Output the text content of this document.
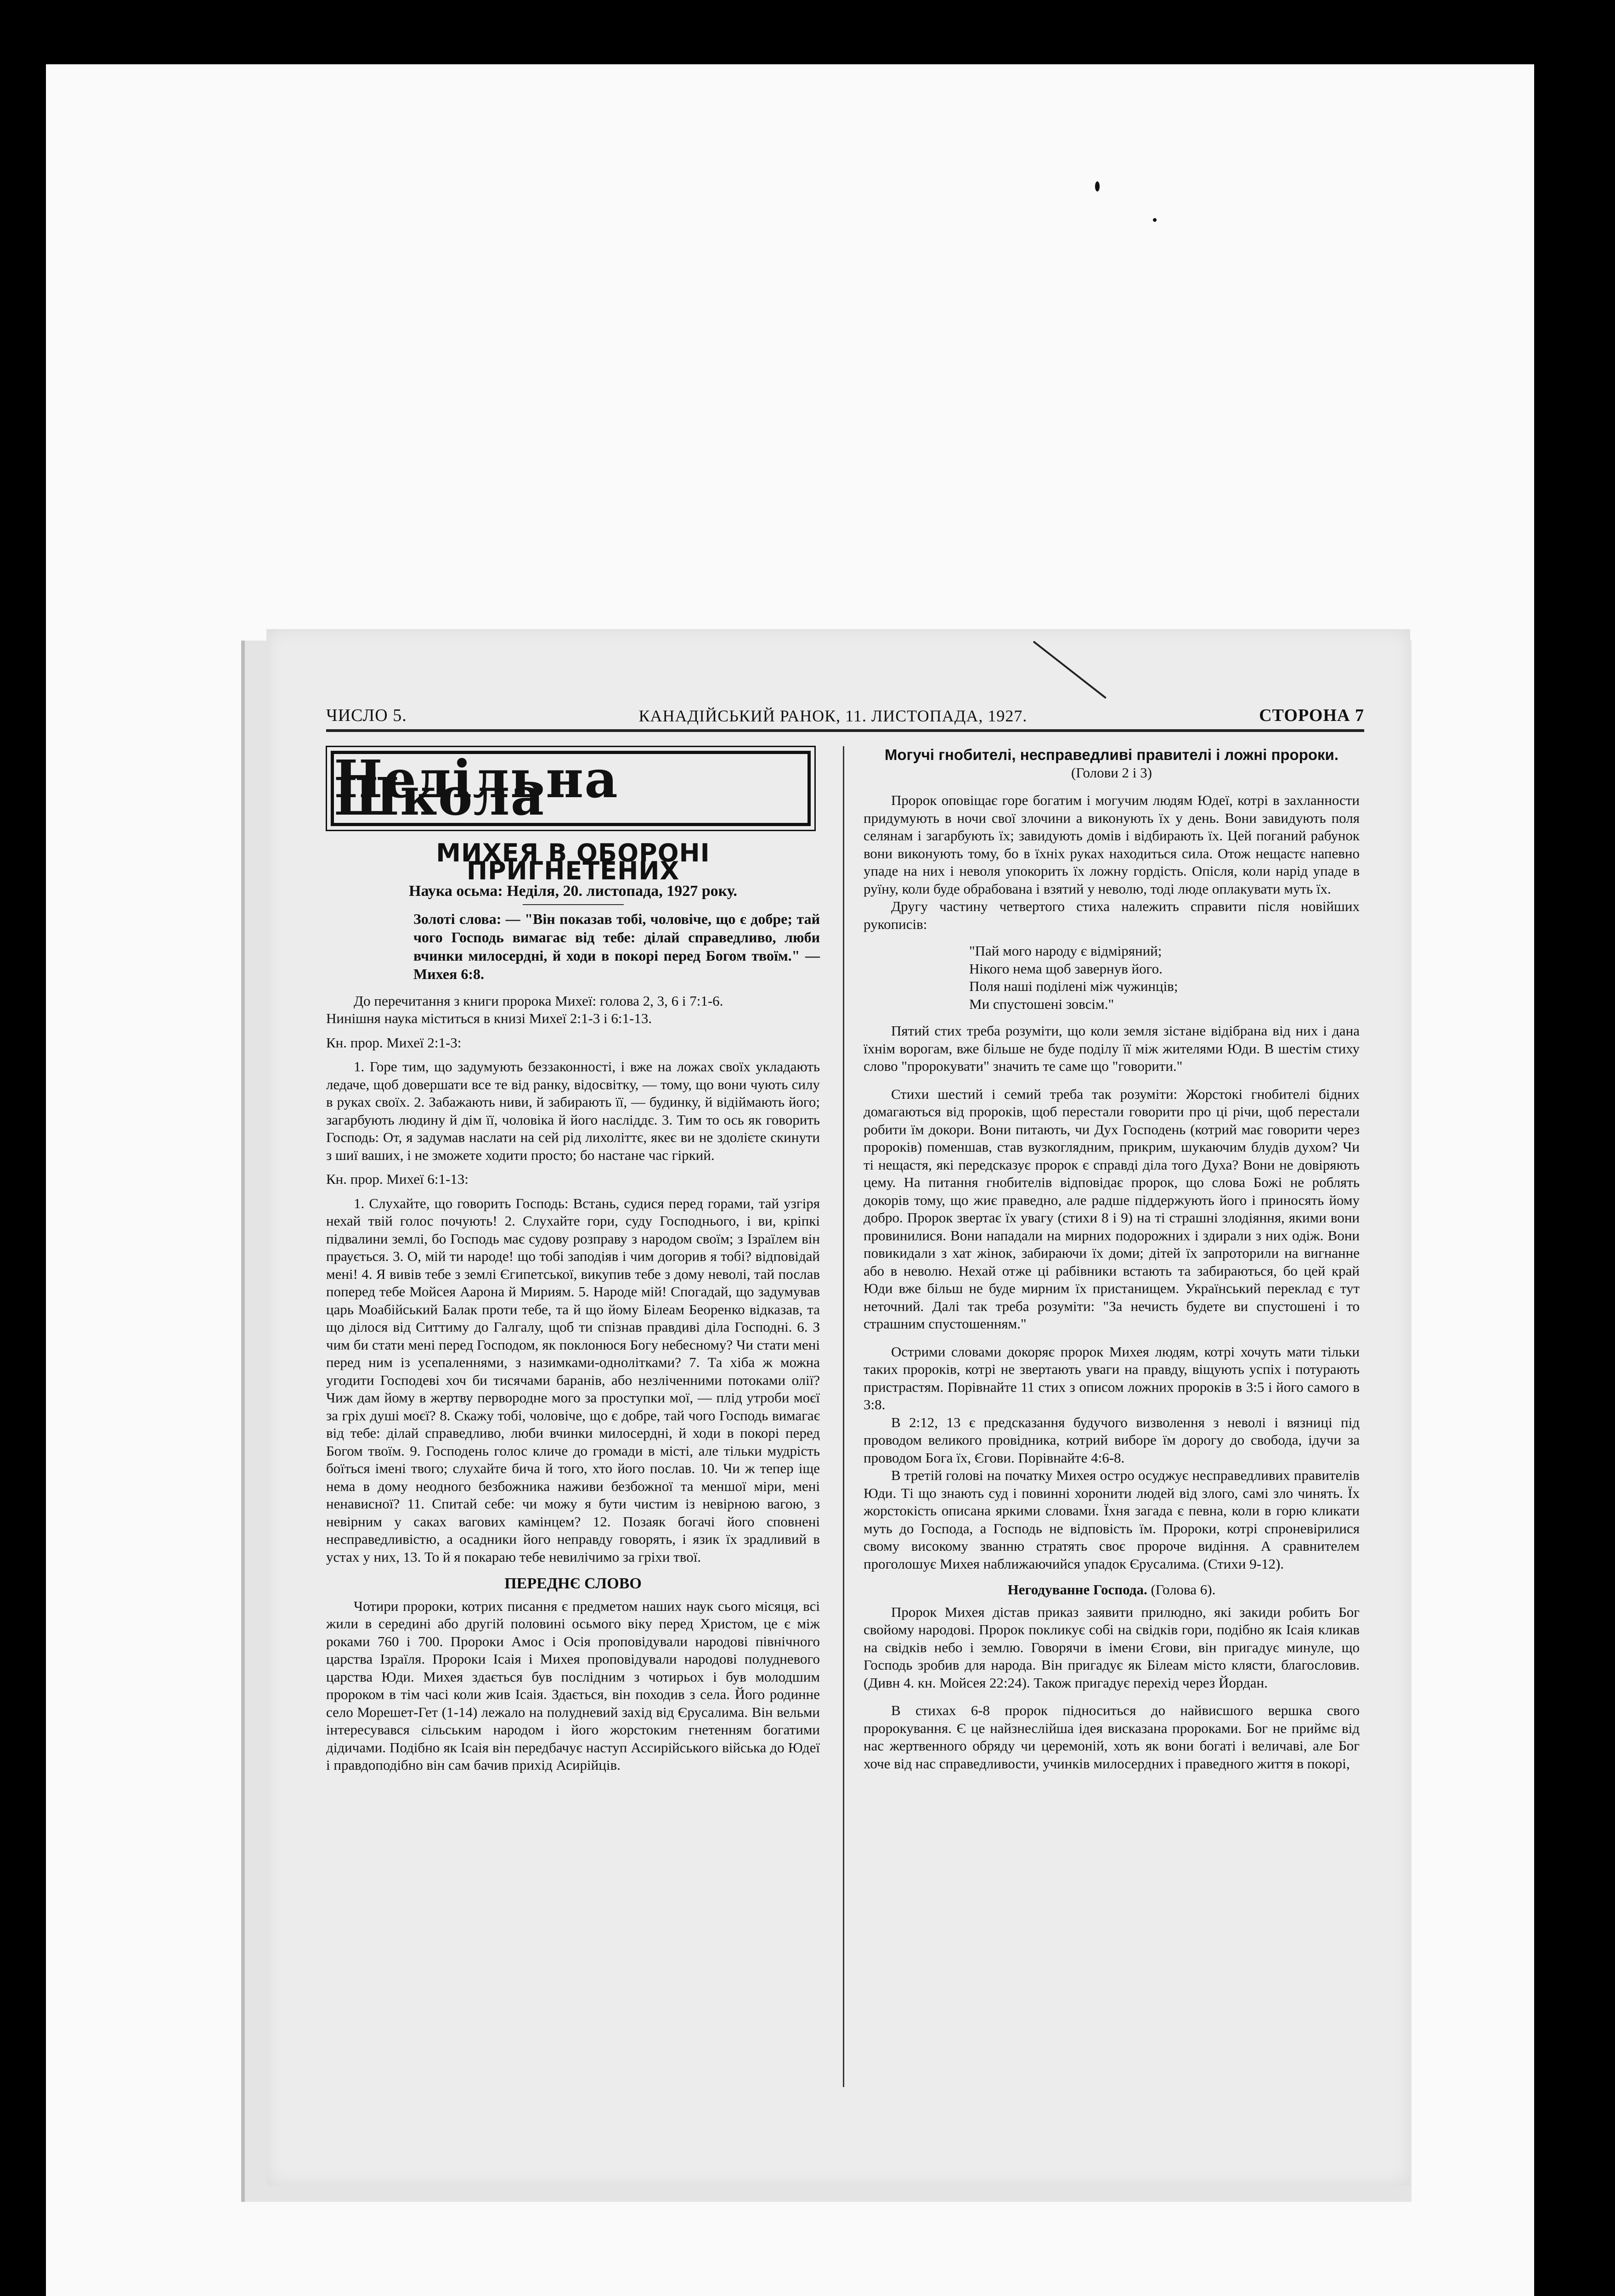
ЧИСЛО 5.	КАНАДІЙСЬКИЙ РАНОК, 11. ЛИСТОПАДА, 1927.	СТОРОНА 7
Недільна Школа
МИХЕЯ В ОБОРОНІ ПРИГНЕТЕНИХ
Наука осьма: Неділя, 20. листопада, 1927 року.
Золоті слова: — "Він показав тобі, чоловіче, що є добре; тай чого Господь вимагає від тебе: ділай справедливо, люби вчинки милосердні, й ходи в покорі перед Богом твоїм." — Михея 6:8.

До перечитання з книги пророка Михеї: голова 2, 3, 6 і 7:1-6.

Нинішня наука міститься в книзі Михеї 2:1-3 і 6:1-13.

Кн. прор. Михеї 2:1-3:

1. Горе тим, що задумують беззаконності, і вже на ложах своїх укладають ледаче, щоб довершати все те від ранку, відосвітку, — тому, що вони чують силу в руках своїх. 2. Забажають ниви, й забирають її, — будинку, й відіймають його; загарбують людину й дім її, чоловіка й його насліддє. 3. Тим то ось як говорить Господь: От, я задумав наслати на сей рід лихоліттє, якеє ви не здолієте скинути з шиї ваших, і не зможете ходити просто; бо настане час гіркий.

Кн. прор. Михеї 6:1-13:

1. Слухайте, що говорить Господь: Встань, судися перед горами, тай узгіря нехай твій голос почують! 2. Слухайте гори, суду Господнього, і ви, кріпкі підвалини землі, бо Господь має судову розправу з народом своїм; з Ізраїлем він праується. 3. О, мій ти народе! що тобі заподіяв і чим догорив я тобі? відповідай мені! 4. Я вивів тебе з землі Єгипетської, викупив тебе з дому неволі, тай послав поперед тебе Мойсея Аарона й Мириям. 5. Народе мій! Спогадай, що задумував царь Моабійський Балак проти тебе, та й що йому Білеам Беоренко відказав, та що ділося від Ситтиму до Галгалу, щоб ти спізнав правдиві діла Господні. 6. З чим би стати мені перед Господом, як поклонюся Богу небесному? Чи стати мені перед ним із усепаленнями, з назимками-однолітками? 7. Та хіба ж можна угодити Господеві хоч би тисячами баранів, або незліченними потоками олії? Чиж дам йому в жертву первородне мого за проступки мої, — плід утроби моєї за гріх душі моєї? 8. Скажу тобі, чоловіче, що є добре, тай чого Господь вимагає від тебе: ділай справедливо, люби вчинки милосердні, й ходи в покорі перед Богом твоїм. 9. Господень голос кличе до громади в місті, але тільки мудрість боїться імені твого; слухайте бича й того, хто його послав. 10. Чи ж тепер іще нема в дому неодного безбожника наживи безбожної та меншої міри, мені ненависної? 11. Спитай себе: чи можу я бути чистим із невірною вагою, з невірним у саках вагових камінцем? 12. Позаяк богачі його сповнені несправедливістю, а осадники його неправду говорять, і язик їх зрадливий в устах у них, 13. То й я покараю тебе невилічимо за гріхи твої.

ПЕРЕДНЄ СЛОВО

Чотири пророки, котрих писання є предметом наших наук сього місяця, всі жили в середині або другій половині осьмого віку перед Христом, це є між роками 760 і 700. Пророки Амос і Осія проповідували народові північного царства Ізраїля. Пророки Ісаія і Михея проповідували народові полудневого царства Юди. Михея здається був послідним з чотирьох і був молодшим пророком в тім часі коли жив Ісаія. Здається, він походив з села. Його родинне село Морешет-Гет (1-14) лежало на полудневий захід від Єрусалима. Він вельми інтересувався сільським народом і його жорстоким гнетенням богатими дідичами. Подібно як Ісаія він передбачує наступ Ассирійського війська до Юдеї і правдоподібно він сам бачив прихід Асирійців.

Могучі гнобителі, несправедливі правителі і ложні пророки.
(Голови 2 і 3)

Пророк оповіщає горе богатим і могучим людям Юдеї, котрі в захланности придумують в ночи свої злочини а виконують їх у день. Вони завидують поля селянам і загарбують їх; завидують домів і відбирають їх. Цей поганий рабунок вони виконують тому, бо в їхніх руках находиться сила. Отож нещастє напевно упаде на них і неволя упокорить їх ложну гордість. Опісля, коли нарід упаде в руїну, коли буде обрабована і взятий у неволю, тоді люде оплакувати муть їх.

Другу частину четвертого стиха належить справити після новійших рукописів:

"Пай мого народу є відміряний;
Нікого нема щоб завернув його.
Поля наші поділені між чужинців;
Ми спустошені зовсім."

Пятий стих треба розуміти, що коли земля зістане відібрана від них і дана їхнім ворогам, вже більше не буде поділу її між жителями Юди. В шестім стиху слово "пророкувати" значить те саме що "говорити."

Стихи шестий і семий треба так розуміти: Жорстокі гнобителі бідних домагаються від пророків, щоб перестали говорити про ці річи, щоб перестали робити їм докори. Вони питають, чи Дух Господень (котрий має говорити через пророків) поменшав, став вузкоглядним, прикрим, шукаючим блудів духом? Чи ті нещастя, які передсказує пророк є справді діла того Духа? Вони не довіряють цему. На питання гнобителів відповідає пророк, що слова Божі не роблять докорів тому, що жиє праведно, але радше піддержують його і приносять йому добро. Пророк звертає їх увагу (стихи 8 і 9) на ті страшні злодіяння, якими вони провинилися. Вони нападали на мирних подорожних і здирали з них одіж. Вони повикидали з хат жінок, забираючи їх доми; дітей їх запроторили на вигнанне або в неволю. Нехай отже ці рабівники встають та забираються, бо цей край Юди вже більш не буде мирним їх пристанищем. Український переклад є тут неточний. Далі так треба розуміти: "За нечисть будете ви спустошені і то страшним спустошенням."

Острими словами докоряє пророк Михея людям, котрі хочуть мати тільки таких пророків, котрі не звертають уваги на правду, віщують успіх і потурають пристрастям. Порівнайте 11 стих з описом ложних пророків в 3:5 і його самого в 3:8.

В 2:12, 13 є предсказання будучого визволення з неволі і вязниці під проводом великого провідника, котрий виборе їм дорогу до свобода, ідучи за проводом Бога їх, Єгови. Порівнайте 4:6-8.

В третій голові на початку Михея остро осуджує несправедливих правителів Юди. Ті що знають суд і повинні хоронити людей від злого, самі зло чинять. Їх жорстокість описана яркими словами. Їхня загада є певна, коли в горю кликати муть до Господа, а Господь не відповість їм. Пророки, котрі спроневірилися свому високому званню стратять своє пророче видіння. А сравнителем проголошує Михея наближаючийся упадок Єрусалима. (Стихи 9-12).

Негодуванне Господа. (Голова 6).

Пророк Михея дістав приказ заявити прилюдно, які закиди робить Бог свойому народові. Пророк покликує собі на свідків гори, подібно як Ісаія кликав на свідків небо і землю. Говорячи в імени Єгови, він пригадує минуле, що Господь зробив для народа. Він пригадує як Білеам місто кляcти, благословив. (Дивн 4. кн. Мойсея 22:24). Також пригадує перехід через Йордан.

В стихах 6-8 пророк підноситься до найвисшого вершка свого пророкування. Є це найзнеслійша ідея висказана пророками. Бог не приймє від нас жертвенного обряду чи церемоній, хоть як вони богаті і величаві, але Бог хоче від нас справедливости, учинків милосердних і праведного життя в покорі,
